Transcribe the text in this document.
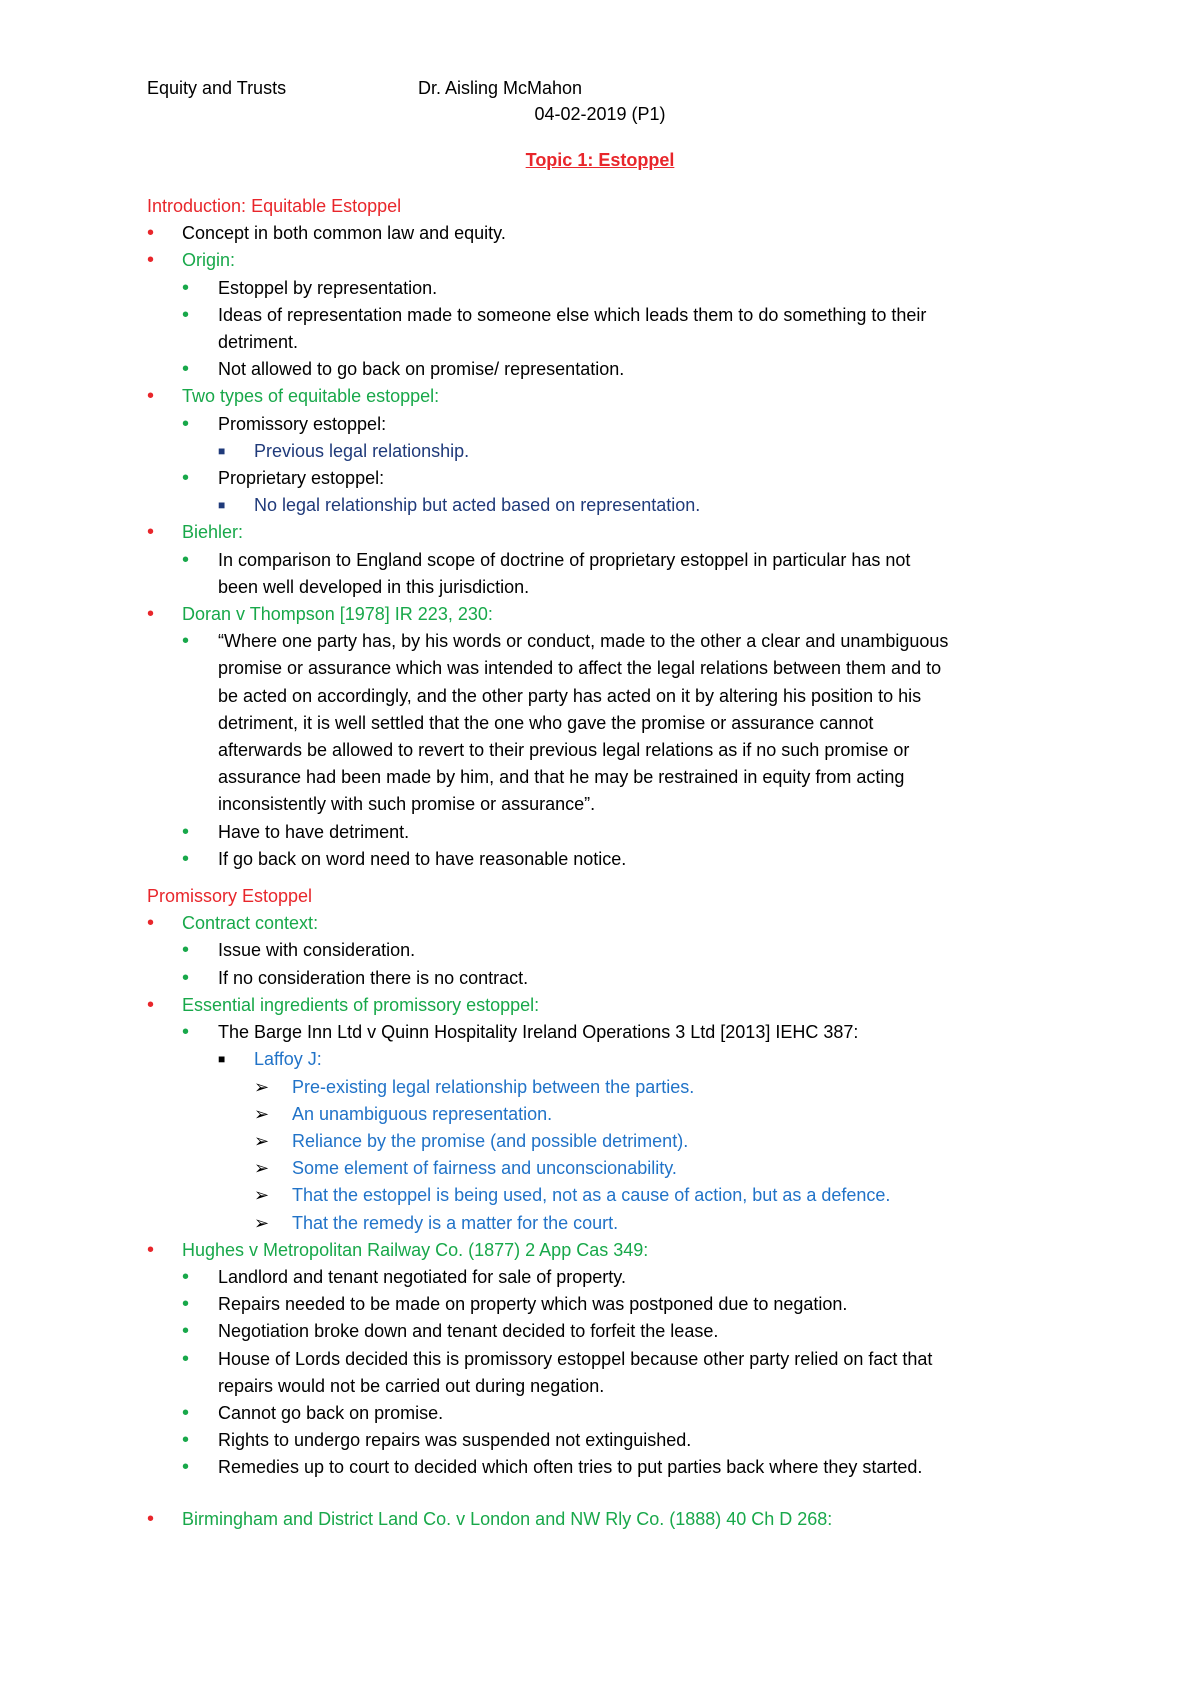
Equity and Trusts	Dr. Aisling McMahon
04-02-2019 (P1)
Topic 1: Estoppel
Introduction: Equitable Estoppel
• Concept in both common law and equity.
• Origin:
• Estoppel by representation.
• Ideas of representation made to someone else which leads them to do something to their
detriment.
• Not allowed to go back on promise/ representation.
• Two types of equitable estoppel:
• Promissory estoppel:
■ Previous legal relationship.
• Proprietary estoppel:
■ No legal relationship but acted based on representation.
• Biehler:
• In comparison to England scope of doctrine of proprietary estoppel in particular has not
been well developed in this jurisdiction.
• Doran v Thompson [1978] IR 223, 230:
• “Where one party has, by his words or conduct, made to the other a clear and unambiguous
promise or assurance which was intended to affect the legal relations between them and to
be acted on accordingly, and the other party has acted on it by altering his position to his
detriment, it is well settled that the one who gave the promise or assurance cannot
afterwards be allowed to revert to their previous legal relations as if no such promise or
assurance had been made by him, and that he may be restrained in equity from acting
inconsistently with such promise or assurance”.
• Have to have detriment.
• If go back on word need to have reasonable notice.
Promissory Estoppel
• Contract context:
• Issue with consideration.
• If no consideration there is no contract.
• Essential ingredients of promissory estoppel:
• The Barge Inn Ltd v Quinn Hospitality Ireland Operations 3 Ltd [2013] IEHC 387:
■ Laffoy J:
➢ Pre-existing legal relationship between the parties.
➢ An unambiguous representation.
➢ Reliance by the promise (and possible detriment).
➢ Some element of fairness and unconscionability.
➢ That the estoppel is being used, not as a cause of action, but as a defence.
➢ That the remedy is a matter for the court.
• Hughes v Metropolitan Railway Co. (1877) 2 App Cas 349:
• Landlord and tenant negotiated for sale of property.
• Repairs needed to be made on property which was postponed due to negation.
• Negotiation broke down and tenant decided to forfeit the lease.
• House of Lords decided this is promissory estoppel because other party relied on fact that
repairs would not be carried out during negation.
• Cannot go back on promise.
• Rights to undergo repairs was suspended not extinguished.
• Remedies up to court to decided which often tries to put parties back where they started.
• Birmingham and District Land Co. v London and NW Rly Co. (1888) 40 Ch D 268:
